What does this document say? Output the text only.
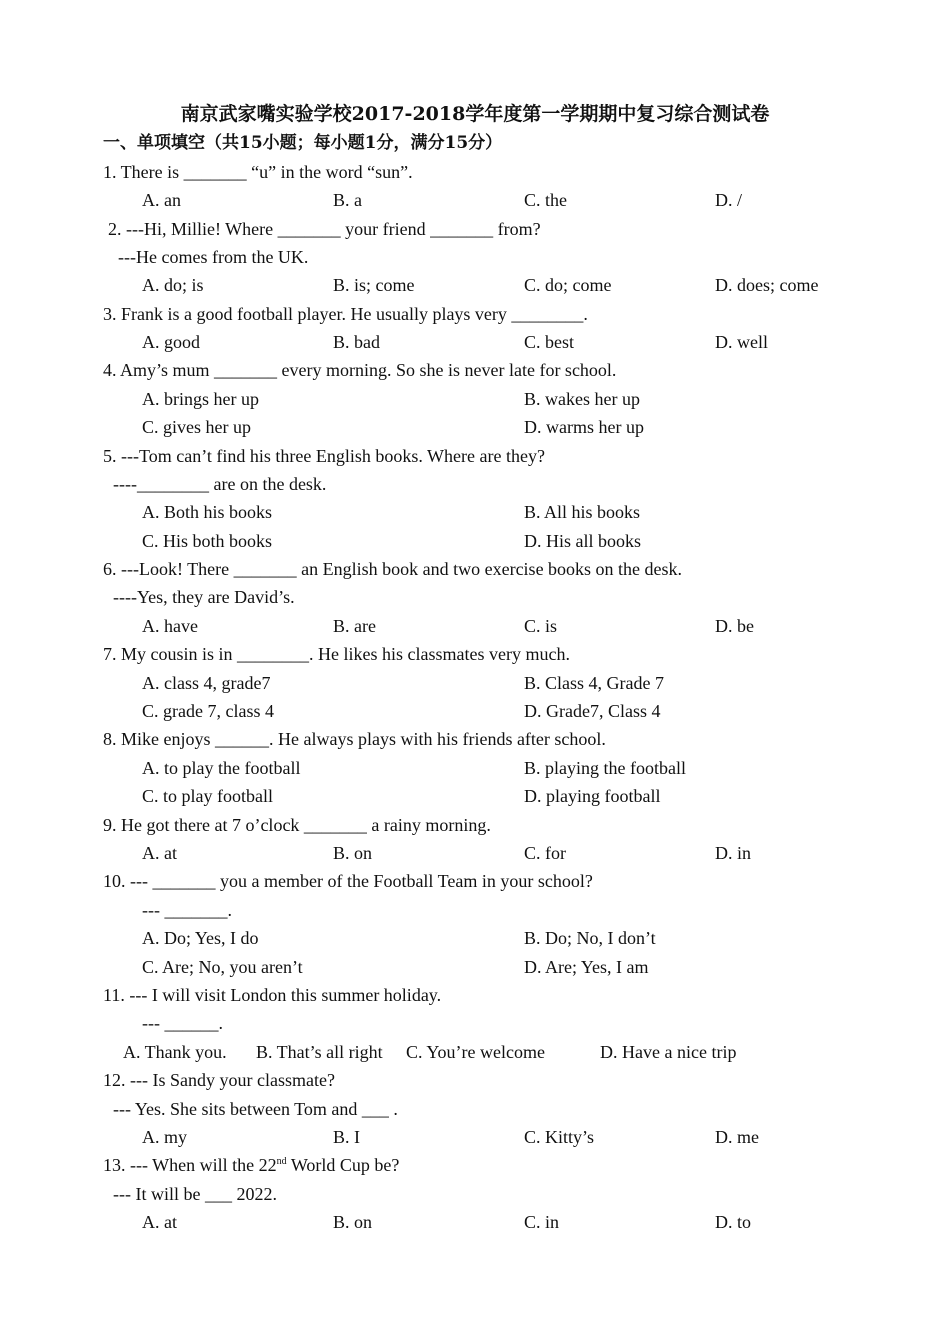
南京武家嘴实验学校2017-2018学年度第一学期期中复习综合测试卷
一、单项填空（共15小题；每小题1分，满分15分）
1. There is _______ “u” in the word “sun”.
A. an	B. a	C. the	D. /
2. ---Hi, Millie! Where _______ your friend _______ from?
---He comes from the UK.
A. do; is	B. is; come	C. do; come	D. does; come
3. Frank is a good football player. He usually plays very ________.
A. good	B. bad	C. best	D. well
4. Amy’s mum _______ every morning. So she is never late for school.
A. brings her up	B. wakes her up
C. gives her up	D. warms her up
5. ---Tom can’t find his three English books. Where are they?
----________ are on the desk.
A. Both his books	B. All his books
C. His both books	D. His all books
6. ---Look! There _______ an English book and two exercise books on the desk.
----Yes, they are David’s.
A. have	B. are	C. is	D. be
7. My cousin is in ________. He likes his classmates very much.
A. class 4, grade7	B. Class 4, Grade 7
C. grade 7, class 4	D. Grade7, Class 4
8. Mike enjoys ______. He always plays with his friends after school.
A. to play the football	B. playing the football
C. to play football	D. playing football
9. He got there at 7 o’clock _______ a rainy morning.
A. at	B. on	C. for	D. in
10. --- _______ you a member of the Football Team in your school?
--- _______.
A. Do; Yes, I do	B. Do; No, I don’t
C. Are; No, you aren’t	D. Are; Yes, I am
11. --- I will visit London this summer holiday.
--- ______.
A. Thank you. B. That’s all right C. You’re welcome	D. Have a nice trip
12. --- Is Sandy your classmate?
--- Yes. She sits between Tom and ___ .
A. my	B. I	C. Kitty’s	D. me
13. --- When will the 22nd World Cup be?
--- It will be ___ 2022.
A. at	B. on	C. in	D. to
